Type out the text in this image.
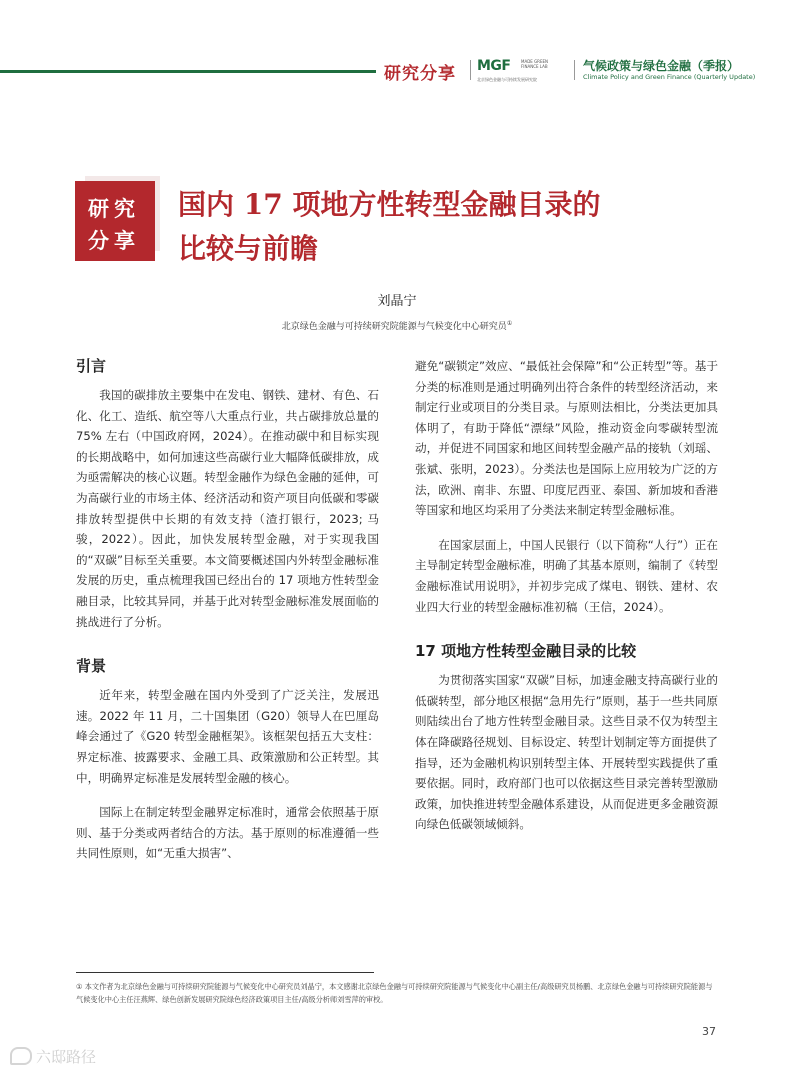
研究分享 MGF	MADE GREEN FINANCE LAB
北京绿色金融与可持续发展研究院
气候政策与绿色金融（季报）
Climate Policy and Green Finance (Quarterly Update)
研究
分享
国内 17 项地方性转型金融目录的
比较与前瞻
刘晶宁
北京绿色金融与可持续研究院能源与气候变化中心研究员①
引言

我国的碳排放主要集中在发电、钢铁、建材、有色、石化、化工、造纸、航空等八大重点行业，共占碳排放总量的 75% 左右（中国政府网，2024）。在推动碳中和目标实现的长期战略中，如何加速这些高碳行业大幅降低碳排放，成为亟需解决的核心议题。转型金融作为绿色金融的延伸，可为高碳行业的市场主体、经济活动和资产项目向低碳和零碳排放转型提供中长期的有效支持（渣打银行，2023; 马骏，2022）。因此，加快发展转型金融，对于实现我国的“双碳”目标至关重要。本文简要概述国内外转型金融标准发展的历史，重点梳理我国已经出台的 17 项地方性转型金融目录，比较其异同，并基于此对转型金融标准发展面临的挑战进行了分析。

背景

近年来，转型金融在国内外受到了广泛关注，发展迅速。2022 年 11 月，二十国集团（G20）领导人在巴厘岛峰会通过了《G20 转型金融框架》。该框架包括五大支柱：界定标准、披露要求、金融工具、政策激励和公正转型。其中，明确界定标准是发展转型金融的核心。

国际上在制定转型金融界定标准时，通常会依照基于原则、基于分类或两者结合的方法。基于原则的标准遵循一些共同性原则，如“无重大损害”、

避免“碳锁定”效应、“最低社会保障”和“公正转型”等。基于分类的标准则是通过明确列出符合条件的转型经济活动，来制定行业或项目的分类目录。与原则法相比，分类法更加具体明了，有助于降低“漂绿”风险，推动资金向零碳转型流动，并促进不同国家和地区间转型金融产品的接轨（刘瑶、张斌、张明，2023）。分类法也是国际上应用较为广泛的方法，欧洲、南非、东盟、印度尼西亚、泰国、新加坡和香港等国家和地区均采用了分类法来制定转型金融标准。

在国家层面上，中国人民银行（以下简称“人行”）正在主导制定转型金融标准，明确了其基本原则，编制了《转型金融标准试用说明》，并初步完成了煤电、钢铁、建材、农业四大行业的转型金融标准初稿（王信，2024）。

17 项地方性转型金融目录的比较

为贯彻落实国家“双碳”目标，加速金融支持高碳行业的低碳转型，部分地区根据“急用先行”原则，基于一些共同原则陆续出台了地方性转型金融目录。这些目录不仅为转型主体在降碳路径规划、目标设定、转型计划制定等方面提供了指导，还为金融机构识别转型主体、开展转型实践提供了重要依据。同时，政府部门也可以依据这些目录完善转型激励政策，加快推进转型金融体系建设，从而促进更多金融资源向绿色低碳领域倾斜。

① 本文作者为北京绿色金融与可持续研究院能源与气候变化中心研究员刘晶宁，本文感谢北京绿色金融与可持续研究院能源与气候变化中心副主任/高级研究员杨鹏、北京绿色金融与可持续研究院能源与气候变化中心主任汪燕辉、绿色创新发展研究院绿色经济政策项目主任/高级分析师刘雪萍的审校。
37
六邸路径
